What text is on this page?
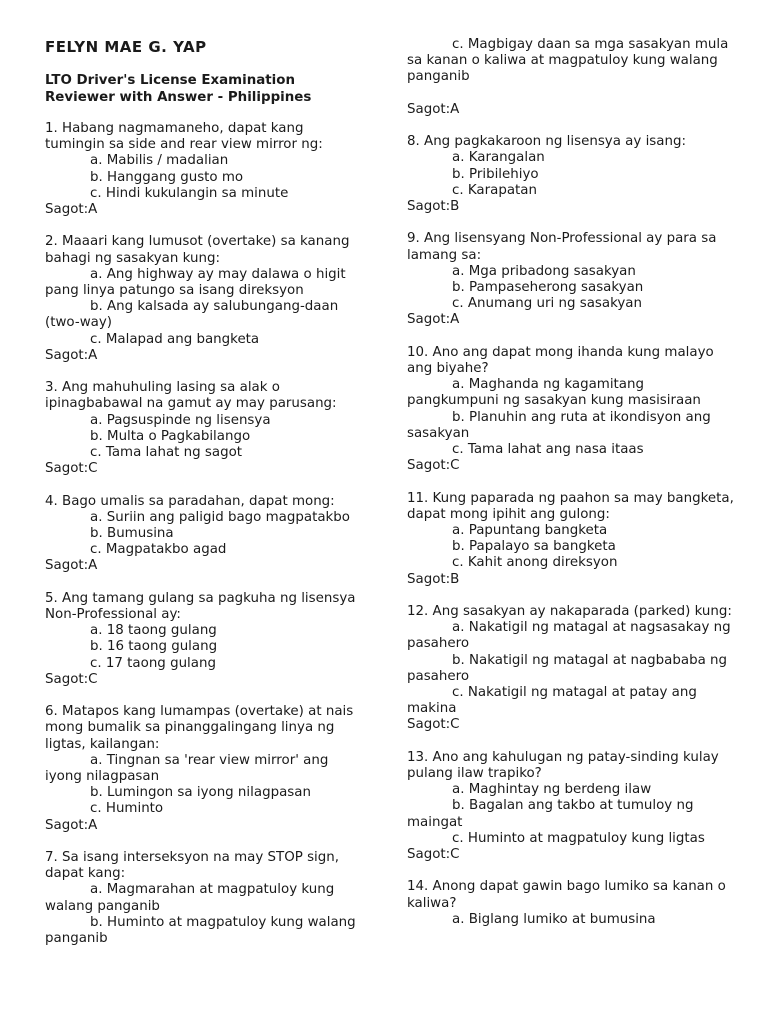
FELYN MAE G. YAP
LTO Driver's License Examination Reviewer with Answer - Philippines

1. Habang nagmamaneho, dapat kang tumingin sa side and rear view mirror ng:

a. Mabilis / madalian

b. Hanggang gusto mo

c. Hindi kukulangin sa minute

Sagot:A

2. Maaari kang lumusot (overtake) sa kanang bahagi ng sasakyan kung:

a. Ang highway ay may dalawa o higit pang linya patungo sa isang direksyon

b. Ang kalsada ay salubungang-daan (two-way)

c. Malapad ang bangketa

Sagot:A

3. Ang mahuhuling lasing sa alak o ipinagbabawal na gamut ay may parusang:

a. Pagsuspinde ng lisensya

b. Multa o Pagkabilango

c. Tama lahat ng sagot

Sagot:C

4. Bago umalis sa paradahan, dapat mong:

a. Suriin ang paligid bago magpatakbo

b. Bumusina

c. Magpatakbo agad

Sagot:A

5. Ang tamang gulang sa pagkuha ng lisensya Non-Professional ay:

a. 18 taong gulang

b. 16 taong gulang

c. 17 taong gulang

Sagot:C

6. Matapos kang lumampas (overtake) at nais mong bumalik sa pinanggalingang linya ng ligtas, kailangan:

a. Tingnan sa 'rear view mirror' ang iyong nilagpasan

b. Lumingon sa iyong nilagpasan

c. Huminto

Sagot:A

7. Sa isang interseksyon na may STOP sign, dapat kang:

a. Magmarahan at magpatuloy kung walang panganib

b. Huminto at magpatuloy kung walang panganib

c. Magbigay daan sa mga sasakyan mula sa kanan o kaliwa at magpatuloy kung walang panganib

Sagot:A

8. Ang pagkakaroon ng lisensya ay isang:

a. Karangalan

b. Pribilehiyo

c. Karapatan

Sagot:B

9. Ang lisensyang Non-Professional ay para sa lamang sa:

a. Mga pribadong sasakyan

b. Pampaseherong sasakyan

c. Anumang uri ng sasakyan

Sagot:A

10. Ano ang dapat mong ihanda kung malayo ang biyahe?

a. Maghanda ng kagamitang pangkumpuni ng sasakyan kung masisiraan

b. Planuhin ang ruta at ikondisyon ang sasakyan

c. Tama lahat ang nasa itaas

Sagot:C

11. Kung paparada ng paahon sa may bangketa, dapat mong ipihit ang gulong:

a. Papuntang bangketa

b. Papalayo sa bangketa

c. Kahit anong direksyon

Sagot:B

12. Ang sasakyan ay nakaparada (parked) kung:

a. Nakatigil ng matagal at nagsasakay ng pasahero

b. Nakatigil ng matagal at nagbababa ng pasahero

c. Nakatigil ng matagal at patay ang makina

Sagot:C

13. Ano ang kahulugan ng patay-sinding kulay pulang ilaw trapiko?

a. Maghintay ng berdeng ilaw

b. Bagalan ang takbo at tumuloy ng maingat

c. Huminto at magpatuloy kung ligtas

Sagot:C

14. Anong dapat gawin bago lumiko sa kanan o kaliwa?

a. Biglang lumiko at bumusina
